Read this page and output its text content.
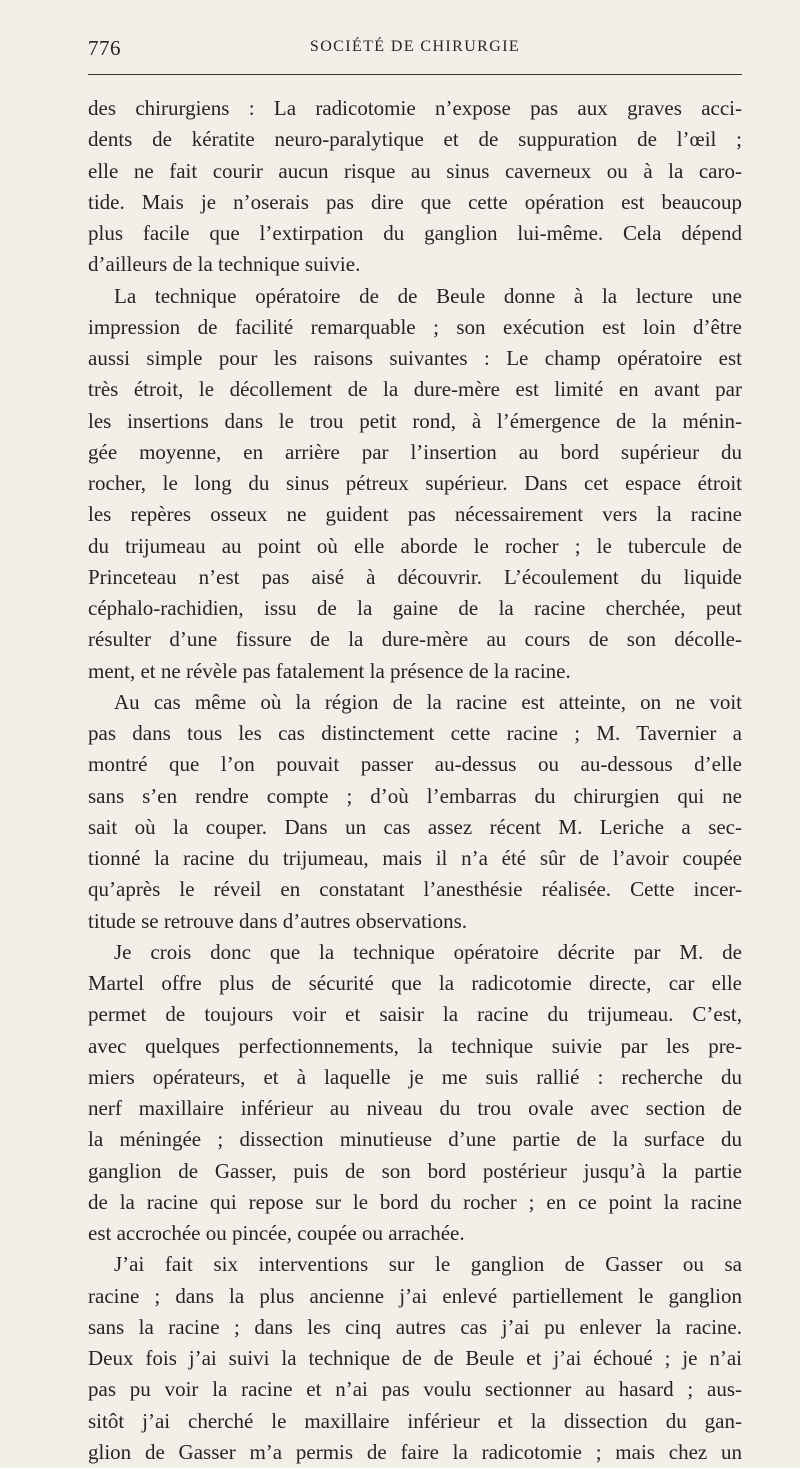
776	SOCIÉTÉ DE CHIRURGIE
des chirurgiens : La radicotomie n’expose pas aux graves acci-
dents de kératite neuro-paralytique et de suppuration de l’œil ;
elle ne fait courir aucun risque au sinus caverneux ou à la caro-
tide. Mais je n’oserais pas dire que cette opération est beaucoup
plus facile que l’extirpation du ganglion lui-même. Cela dépend
d’ailleurs de la technique suivie.
La technique opératoire de de Beule donne à la lecture une
impression de facilité remarquable ; son exécution est loin d’être
aussi simple pour les raisons suivantes : Le champ opératoire est
très étroit, le décollement de la dure-mère est limité en avant par
les insertions dans le trou petit rond, à l’émergence de la ménin-
gée moyenne, en arrière par l’insertion au bord supérieur du
rocher, le long du sinus pétreux supérieur. Dans cet espace étroit
les repères osseux ne guident pas nécessairement vers la racine
du trijumeau au point où elle aborde le rocher ; le tubercule de
Princeteau n’est pas aisé à découvrir. L’écoulement du liquide
céphalo-rachidien, issu de la gaine de la racine cherchée, peut
résulter d’une fissure de la dure-mère au cours de son décolle-
ment, et ne révèle pas fatalement la présence de la racine.
Au cas même où la région de la racine est atteinte, on ne voit
pas dans tous les cas distinctement cette racine ; M. Tavernier a
montré que l’on pouvait passer au-dessus ou au-dessous d’elle
sans s’en rendre compte ; d’où l’embarras du chirurgien qui ne
sait où la couper. Dans un cas assez récent M. Leriche a sec-
tionné la racine du trijumeau, mais il n’a été sûr de l’avoir coupée
qu’après le réveil en constatant l’anesthésie réalisée. Cette incer-
titude se retrouve dans d’autres observations.
Je crois donc que la technique opératoire décrite par M. de
Martel offre plus de sécurité que la radicotomie directe, car elle
permet de toujours voir et saisir la racine du trijumeau. C’est,
avec quelques perfectionnements, la technique suivie par les pre-
miers opérateurs, et à laquelle je me suis rallié : recherche du
nerf maxillaire inférieur au niveau du trou ovale avec section de
la méningée ; dissection minutieuse d’une partie de la surface du
ganglion de Gasser, puis de son bord postérieur jusqu’à la partie
de la racine qui repose sur le bord du rocher ; en ce point la racine
est accrochée ou pincée, coupée ou arrachée.
J’ai fait six interventions sur le ganglion de Gasser ou sa
racine ; dans la plus ancienne j’ai enlevé partiellement le ganglion
sans la racine ; dans les cinq autres cas j’ai pu enlever la racine.
Deux fois j’ai suivi la technique de de Beule et j’ai échoué ; je n’ai
pas pu voir la racine et n’ai pas voulu sectionner au hasard ; aus-
sitôt j’ai cherché le maxillaire inférieur et la dissection du gan-
glion de Gasser m’a permis de faire la radicotomie ; mais chez un
